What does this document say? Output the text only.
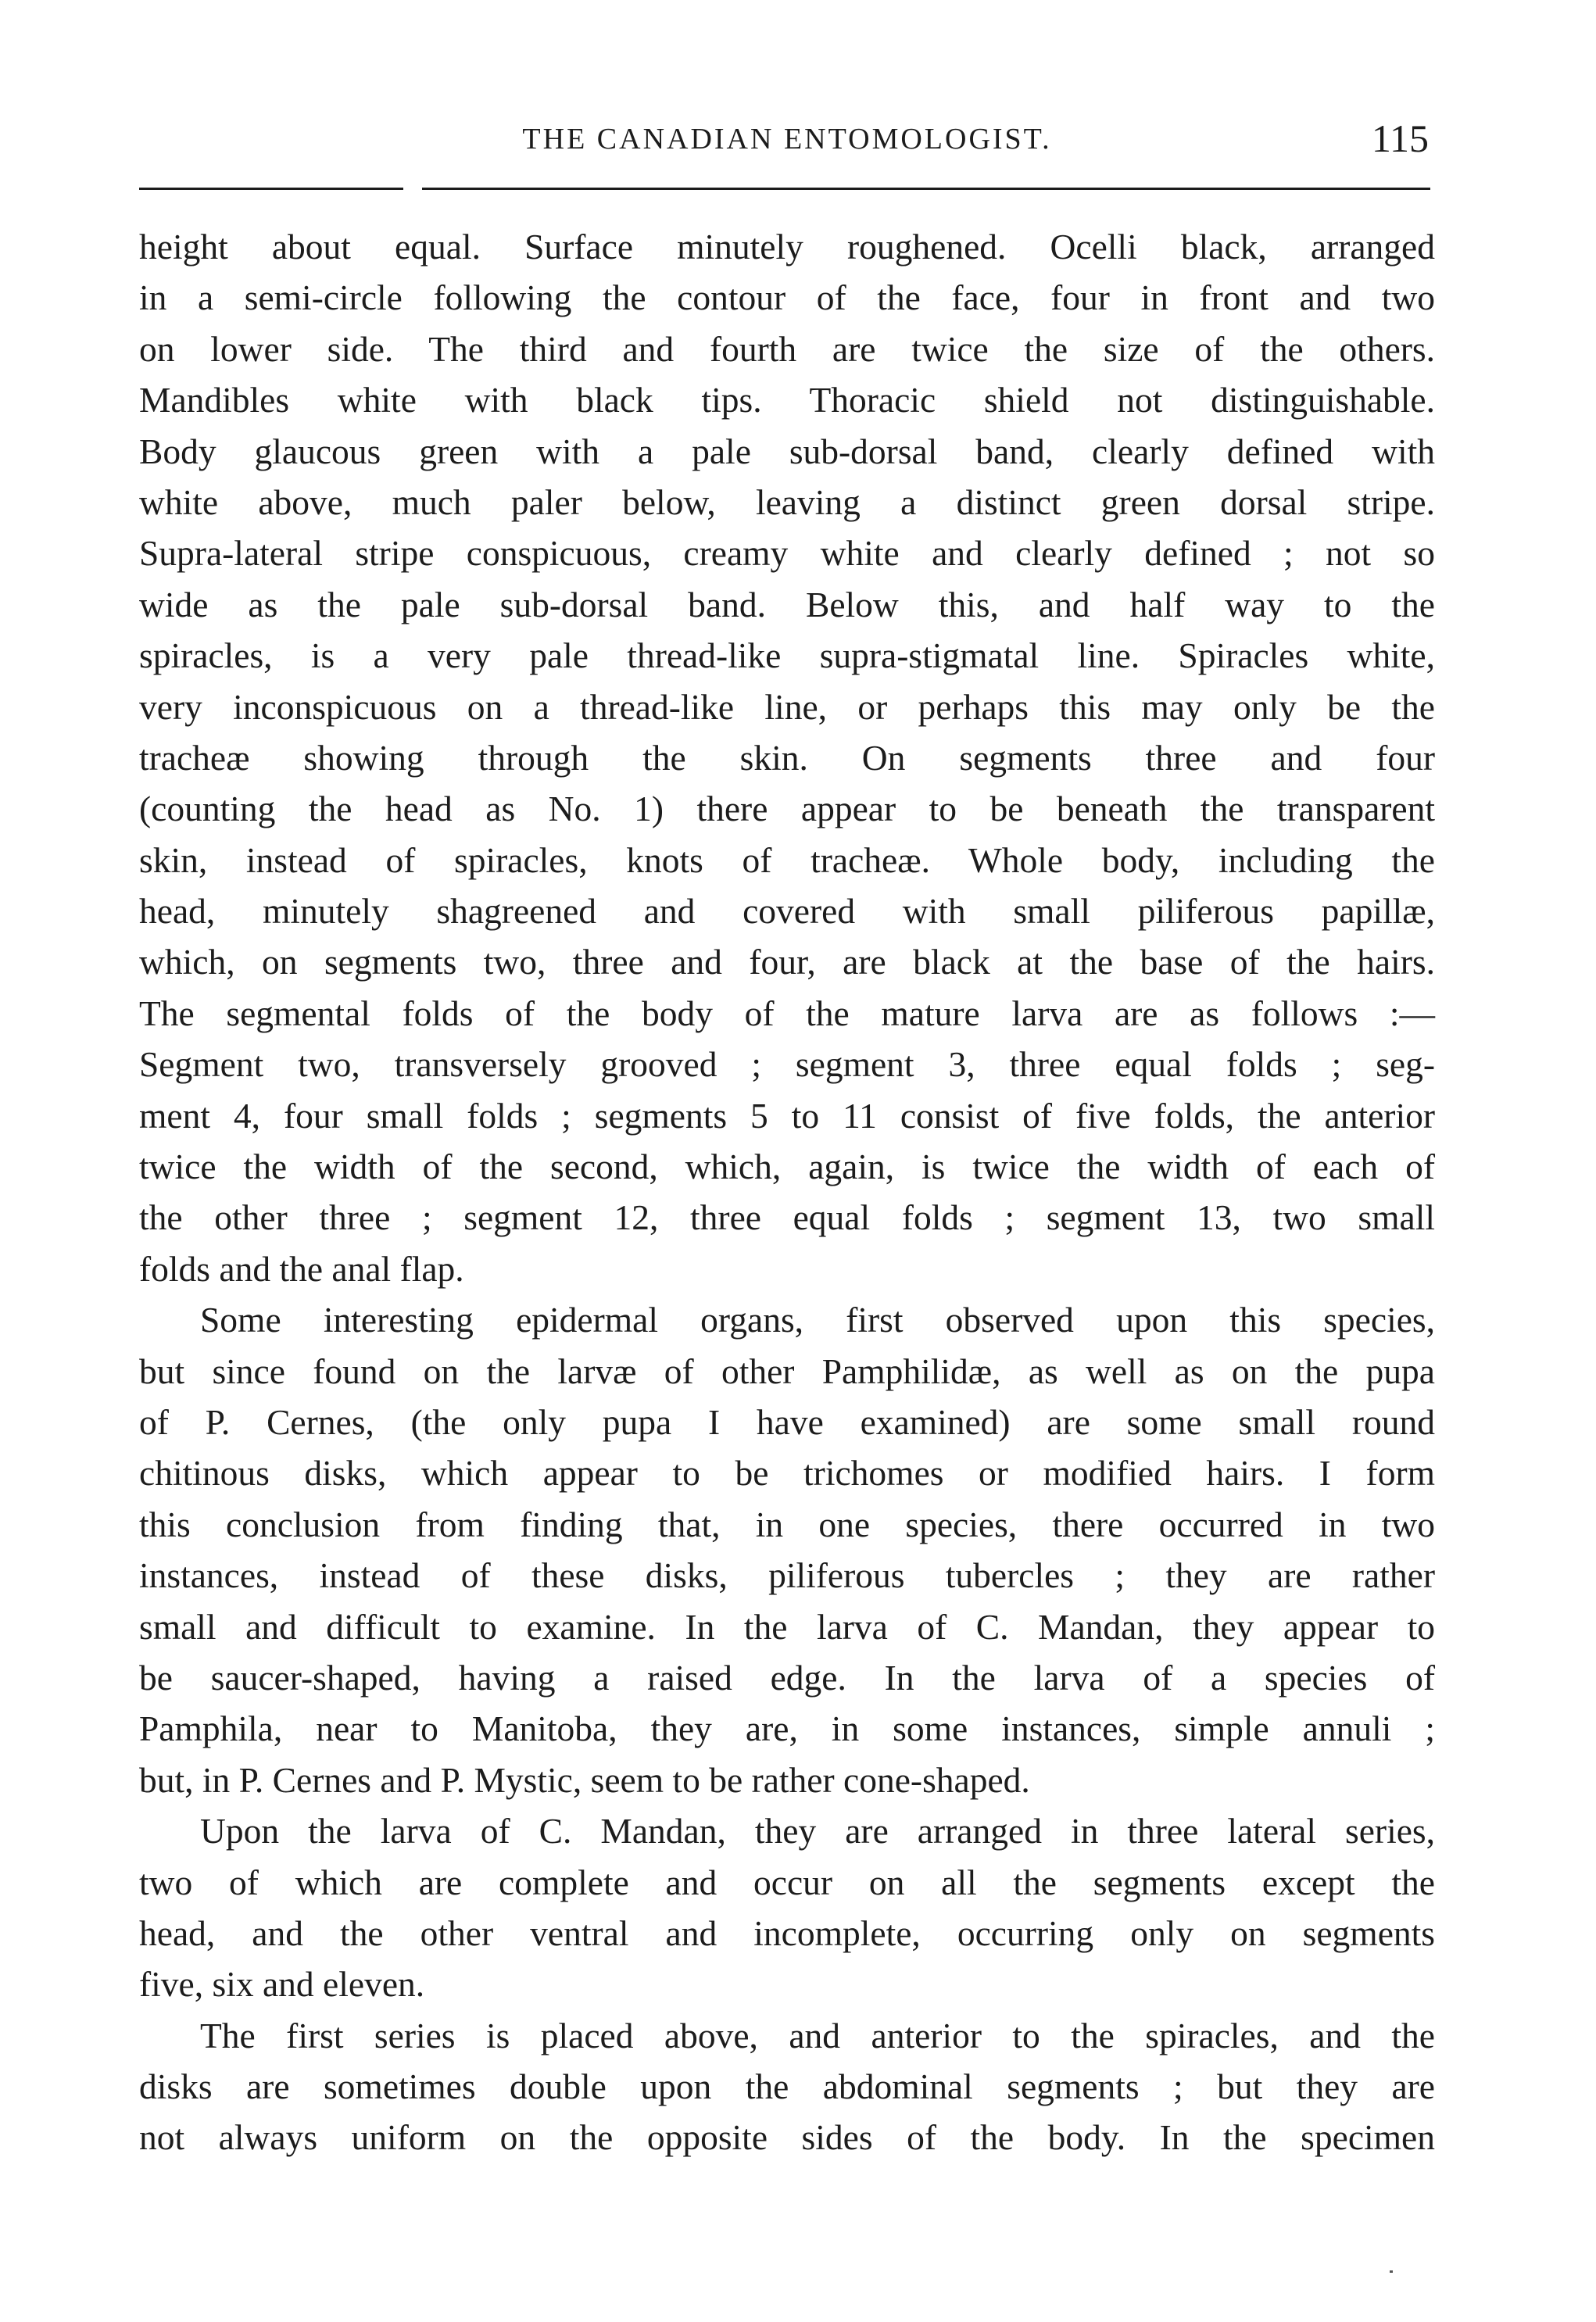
THE CANADIAN ENTOMOLOGIST.	115
height about equal. Surface minutely roughened. Ocelli black, arranged
in a semi-circle following the contour of the face, four in front and two
on lower side. The third and fourth are twice the size of the others.
Mandibles white with black tips. Thoracic shield not distinguishable.
Body glaucous green with a pale sub-dorsal band, clearly defined with
white above, much paler below, leaving a distinct green dorsal stripe.
Supra-lateral stripe conspicuous, creamy white and clearly defined ; not so
wide as the pale sub-dorsal band. Below this, and half way to the
spiracles, is a very pale thread-like supra-stigmatal line. Spiracles white,
very inconspicuous on a thread-like line, or perhaps this may only be the
tracheæ showing through the skin. On segments three and four
(counting the head as No. 1) there appear to be beneath the transparent
skin, instead of spiracles, knots of tracheæ. Whole body, including the
head, minutely shagreened and covered with small piliferous papillæ,
which, on segments two, three and four, are black at the base of the hairs.
The segmental folds of the body of the mature larva are as follows :—
Segment two, transversely grooved ; segment 3, three equal folds ; seg-
ment 4, four small folds ; segments 5 to 11 consist of five folds, the anterior
twice the width of the second, which, again, is twice the width of each of
the other three ; segment 12, three equal folds ; segment 13, two small
folds and the anal flap.
Some interesting epidermal organs, first observed upon this species,
but since found on the larvæ of other Pamphilidæ, as well as on the pupa
of P. Cernes, (the only pupa I have examined) are some small round
chitinous disks, which appear to be trichomes or modified hairs. I form
this conclusion from finding that, in one species, there occurred in two
instances, instead of these disks, piliferous tubercles ; they are rather
small and difficult to examine. In the larva of C. Mandan, they appear to
be saucer-shaped, having a raised edge. In the larva of a species of
Pamphila, near to Manitoba, they are, in some instances, simple annuli ;
but, in P. Cernes and P. Mystic, seem to be rather cone-shaped.
Upon the larva of C. Mandan, they are arranged in three lateral series,
two of which are complete and occur on all the segments except the
head, and the other ventral and incomplete, occurring only on segments
five, six and eleven.
The first series is placed above, and anterior to the spiracles, and the
disks are sometimes double upon the abdominal segments ; but they are
not always uniform on the opposite sides of the body. In the specimen
